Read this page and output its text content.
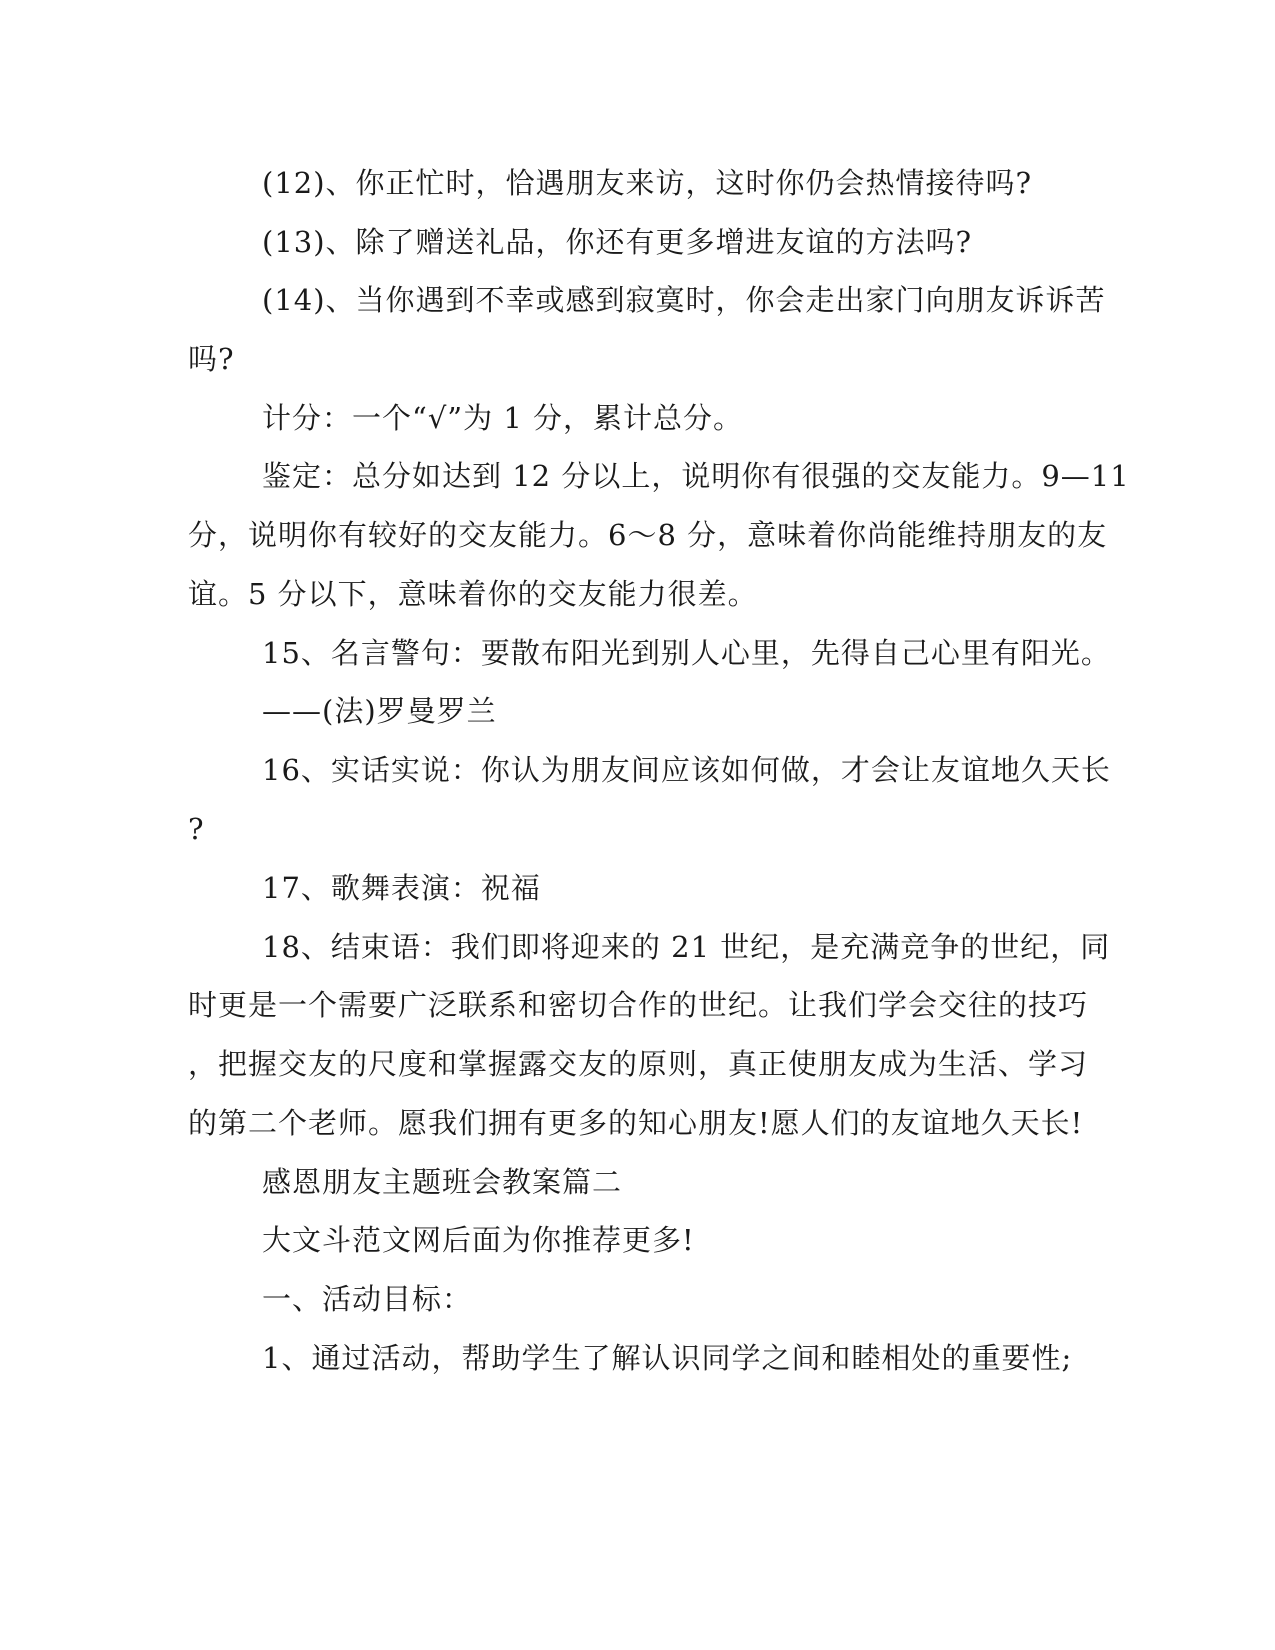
(12)、你正忙时，恰遇朋友来访，这时你仍会热情接待吗?
(13)、除了赠送礼品，你还有更多增进友谊的方法吗?
(14)、当你遇到不幸或感到寂寞时，你会走出家门向朋友诉诉苦
吗?
计分：一个“√”为 1 分，累计总分。
鉴定：总分如达到 12 分以上，说明你有很强的交友能力。9—11
分，说明你有较好的交友能力。6～8 分，意味着你尚能维持朋友的友
谊。5 分以下，意味着你的交友能力很差。
15、名言警句：要散布阳光到别人心里，先得自己心里有阳光。
——(法)罗曼罗兰
16、实话实说：你认为朋友间应该如何做，才会让友谊地久天长
?
17、歌舞表演：祝福
18、结束语：我们即将迎来的 21 世纪，是充满竞争的世纪，同
时更是一个需要广泛联系和密切合作的世纪。让我们学会交往的技巧
，把握交友的尺度和掌握露交友的原则，真正使朋友成为生活、学习
的第二个老师。愿我们拥有更多的知心朋友!愿人们的友谊地久天长!
感恩朋友主题班会教案篇二
大文斗范文网后面为你推荐更多!
一、活动目标：
1、通过活动，帮助学生了解认识同学之间和睦相处的重要性;
